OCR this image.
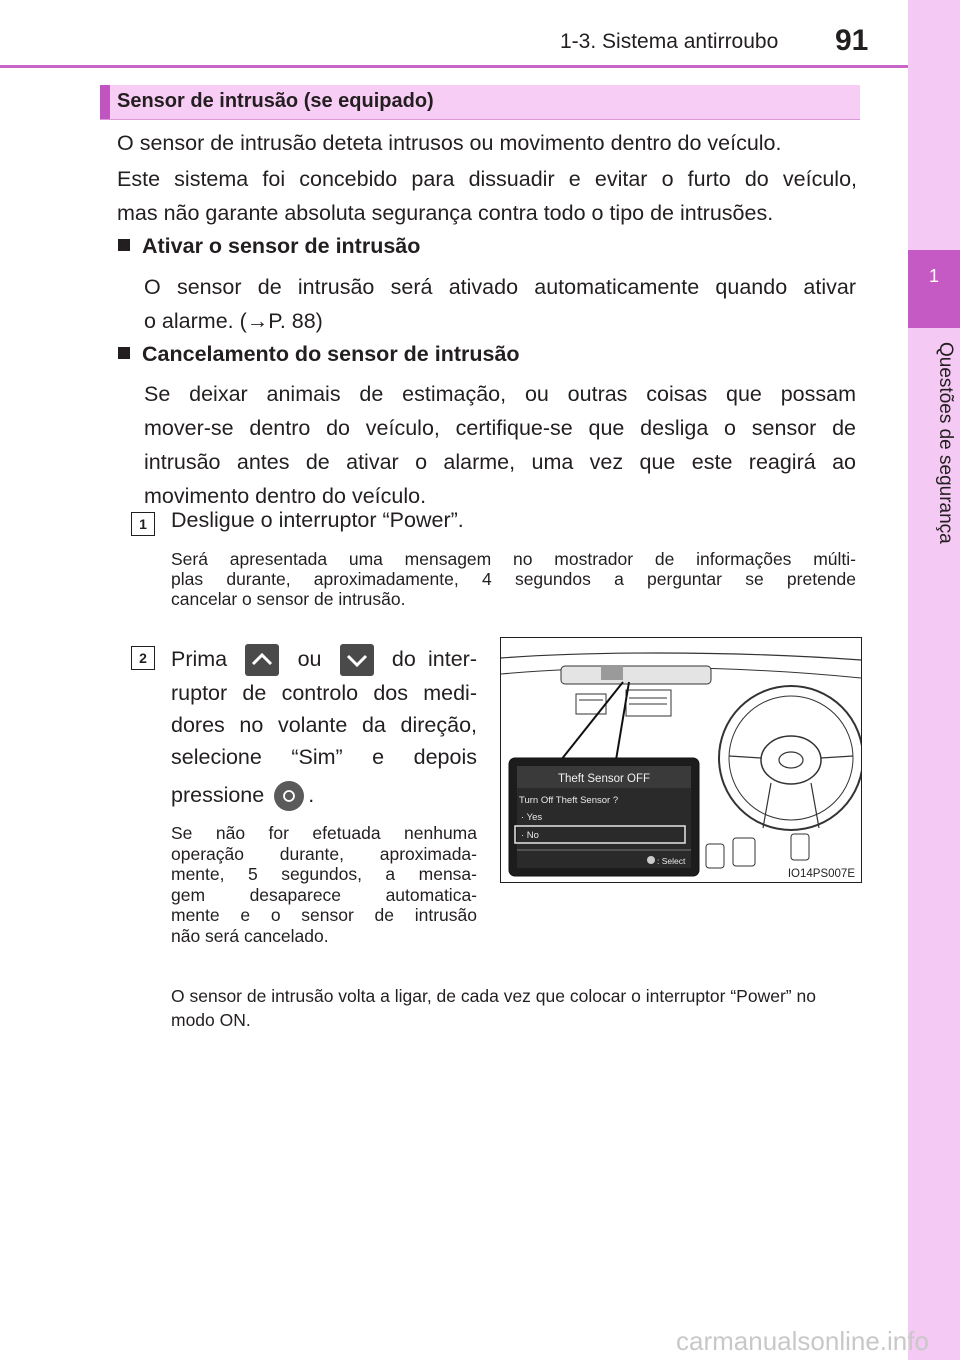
1-3. Sistema antirroubo 91
1
Questões de segurança
Sensor de intrusão (se equipado)
O sensor de intrusão deteta intrusos ou movimento dentro do veículo.
Este sistema foi concebido para dissuadir e evitar o furto do veículo,
mas não garante absoluta segurança contra todo o tipo de intrusões.
Ativar o sensor de intrusão
O sensor de intrusão será ativado automaticamente quando ativar
o alarme. (→P. 88)
Cancelamento do sensor de intrusão
Se deixar animais de estimação, ou outras coisas que possam
mover-se dentro do veículo, certifique-se que desliga o sensor de
intrusão antes de ativar o alarme, uma vez que este reagirá ao
movimento dentro do veículo.
1	Desligue o interruptor “Power”.
Será apresentada uma mensagem no mostrador de informações múlti-
plas durante, aproximadamente, 4 segundos a perguntar se pretende
cancelar o sensor de intrusão.
2	Prima	ou	do inter-
ruptor de controlo dos medi-
dores no volante da direção,
selecione “Sim” e depois
pressione .
Se não for efetuada nenhuma
operação durante, aproximada-
mente, 5 segundos, a mensa-
gem desaparece automatica-
mente e o sensor de intrusão
não será cancelado.
Theft Sensor OFF
Turn Off Theft Sensor ?
· Yes
· No
: Select
IO14PS007E
O sensor de intrusão volta a ligar, de cada vez que colocar o interruptor “Power” no modo ON.
carmanualsonline.info
